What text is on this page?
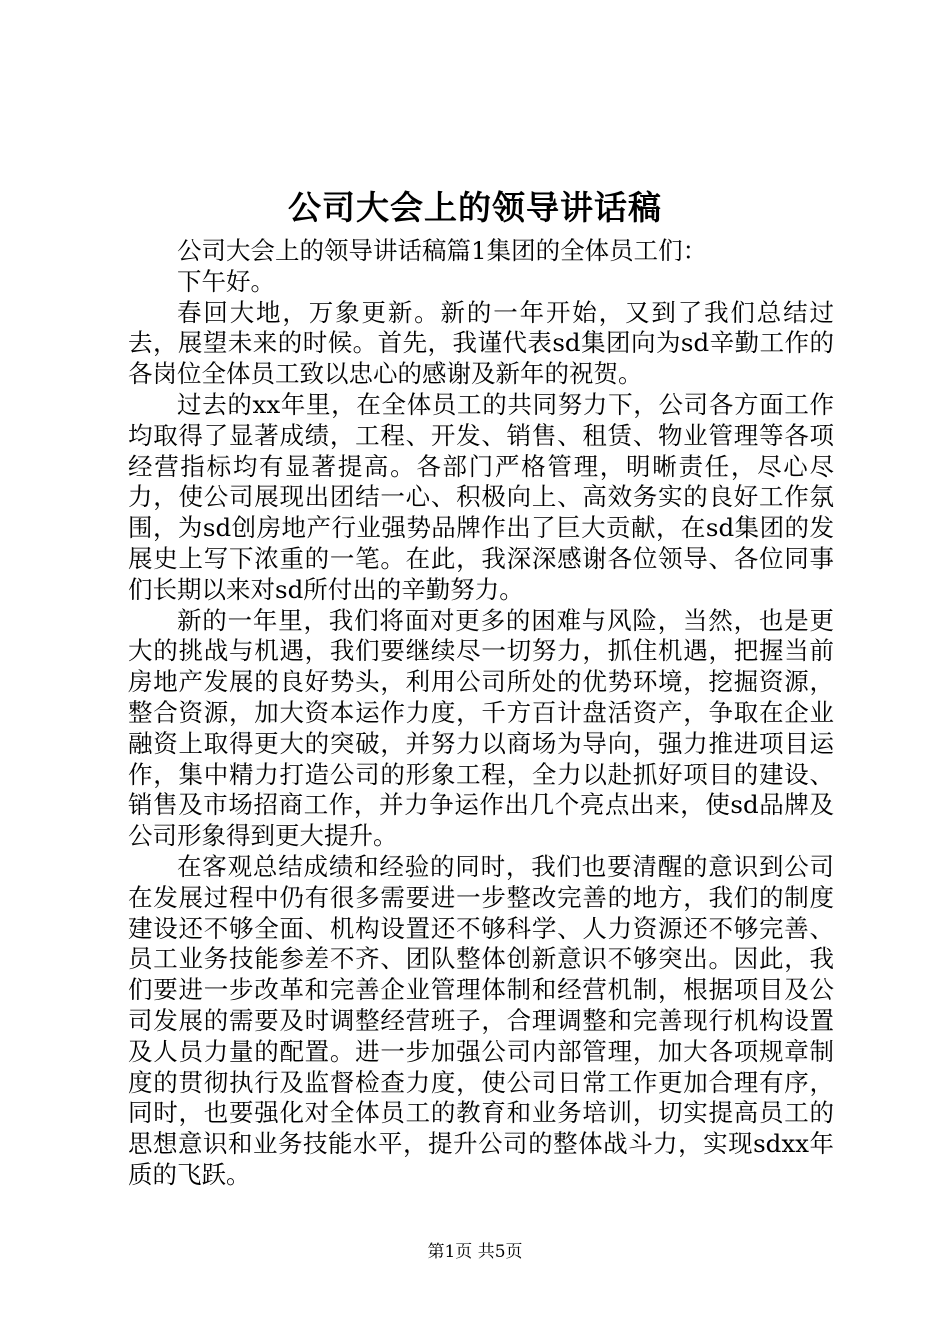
公司大会上的领导讲话稿

公司大会上的领导讲话稿篇1集团的全体员工们：

下午好。

春回大地，万象更新。新的一年开始，又到了我们总结过去，展望未来的时候。首先，我谨代表sd集团向为sd辛勤工作的各岗位全体员工致以忠心的感谢及新年的祝贺。

过去的xx年里，在全体员工的共同努力下，公司各方面工作均取得了显著成绩，工程、开发、销售、租赁、物业管理等各项经营指标均有显著提高。各部门严格管理，明晰责任，尽心尽力，使公司展现出团结一心、积极向上、高效务实的良好工作氛围，为sd创房地产行业强势品牌作出了巨大贡献，在sd集团的发展史上写下浓重的一笔。在此，我深深感谢各位领导、各位同事们长期以来对sd所付出的辛勤努力。

新的一年里，我们将面对更多的困难与风险，当然，也是更大的挑战与机遇，我们要继续尽一切努力，抓住机遇，把握当前房地产发展的良好势头，利用公司所处的优势环境，挖掘资源，整合资源，加大资本运作力度，千方百计盘活资产，争取在企业融资上取得更大的突破，并努力以商场为导向，强力推进项目运作，集中精力打造公司的形象工程，全力以赴抓好项目的建设、销售及市场招商工作，并力争运作出几个亮点出来，使sd品牌及公司形象得到更大提升。

在客观总结成绩和经验的同时，我们也要清醒的意识到公司在发展过程中仍有很多需要进一步整改完善的地方，我们的制度建设还不够全面、机构设置还不够科学、人力资源还不够完善、员工业务技能参差不齐、团队整体创新意识不够突出。因此，我们要进一步改革和完善企业管理体制和经营机制，根据项目及公司发展的需要及时调整经营班子，合理调整和完善现行机构设置及人员力量的配置。进一步加强公司内部管理，加大各项规章制度的贯彻执行及监督检查力度，使公司日常工作更加合理有序，同时，也要强化对全体员工的教育和业务培训，切实提高员工的思想意识和业务技能水平，提升公司的整体战斗力，实现sdxx年质的飞跃。

第1页 共5页
